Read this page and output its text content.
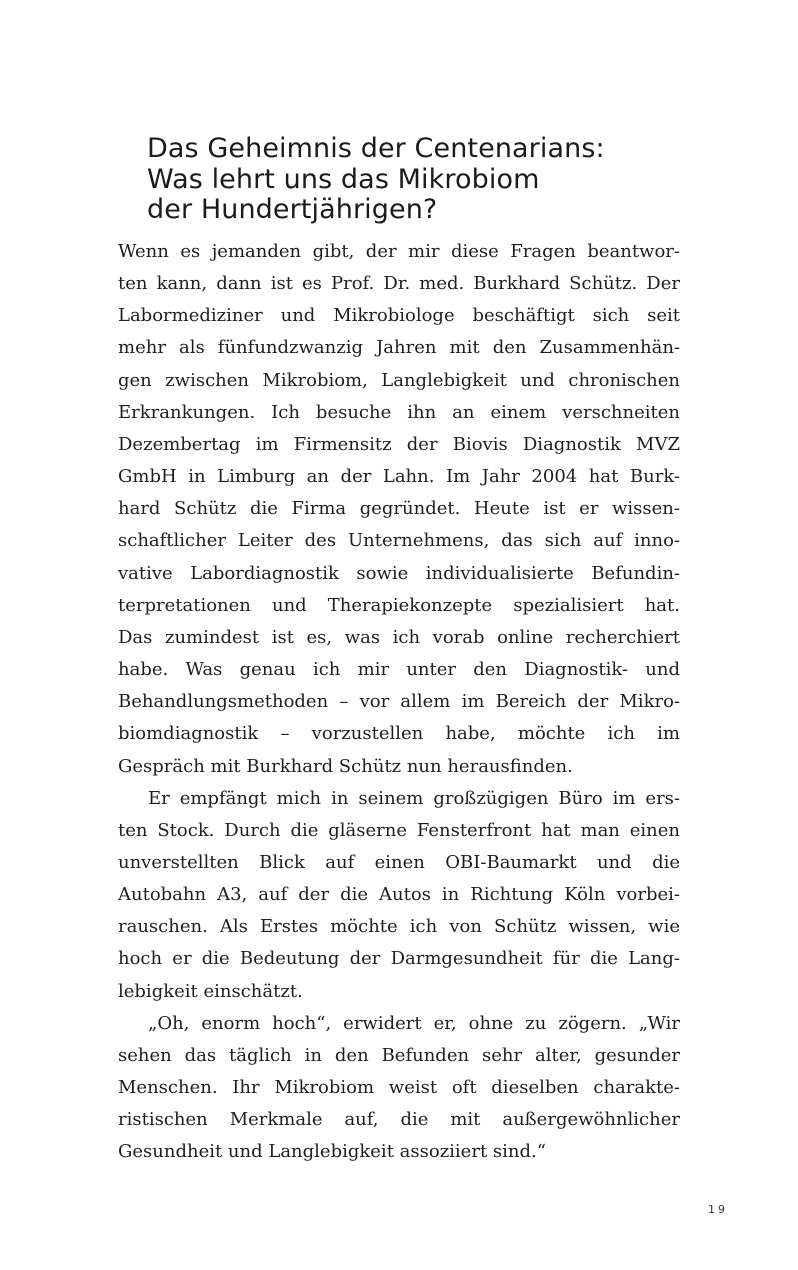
Das Geheimnis der Centenarians:
Was lehrt uns das Mikrobiom
der Hundertjährigen?
Wenn es jemanden gibt, der mir diese Fragen beantwor-
ten kann, dann ist es Prof. Dr. med. Burkhard Schütz. Der
Labormediziner und Mikrobiologe beschäftigt sich seit
mehr als fünfundzwanzig Jahren mit den Zusammenhän-
gen zwischen Mikrobiom, Langlebigkeit und chronischen
Erkrankungen. Ich besuche ihn an einem verschneiten
Dezembertag im Firmensitz der Biovis Diagnostik MVZ
GmbH in Limburg an der Lahn. Im Jahr 2004 hat Burk-
hard Schütz die Firma gegründet. Heute ist er wissen-
schaftlicher Leiter des Unternehmens, das sich auf inno-
vative Labordiagnostik sowie individualisierte Befundin-
terpretationen und Therapiekonzepte spezialisiert hat.
Das zumindest ist es, was ich vorab online recherchiert
habe. Was genau ich mir unter den Diagnostik- und
Behandlungsmethoden – vor allem im Bereich der Mikro-
biomdiagnostik – vorzustellen habe, möchte ich im
Gespräch mit Burkhard Schütz nun herausfinden.
Er empfängt mich in seinem großzügigen Büro im ers-
ten Stock. Durch die gläserne Fensterfront hat man einen
unverstellten Blick auf einen OBI-Baumarkt und die
Autobahn A3, auf der die Autos in Richtung Köln vorbei-
rauschen. Als Erstes möchte ich von Schütz wissen, wie
hoch er die Bedeutung der Darmgesundheit für die Lang-
lebigkeit einschätzt.
„Oh, enorm hoch“, erwidert er, ohne zu zögern. „Wir
sehen das täglich in den Befunden sehr alter, gesunder
Menschen. Ihr Mikrobiom weist oft dieselben charakte-
ristischen Merkmale auf, die mit außergewöhnlicher
Gesundheit und Langlebigkeit assoziiert sind.“
19
